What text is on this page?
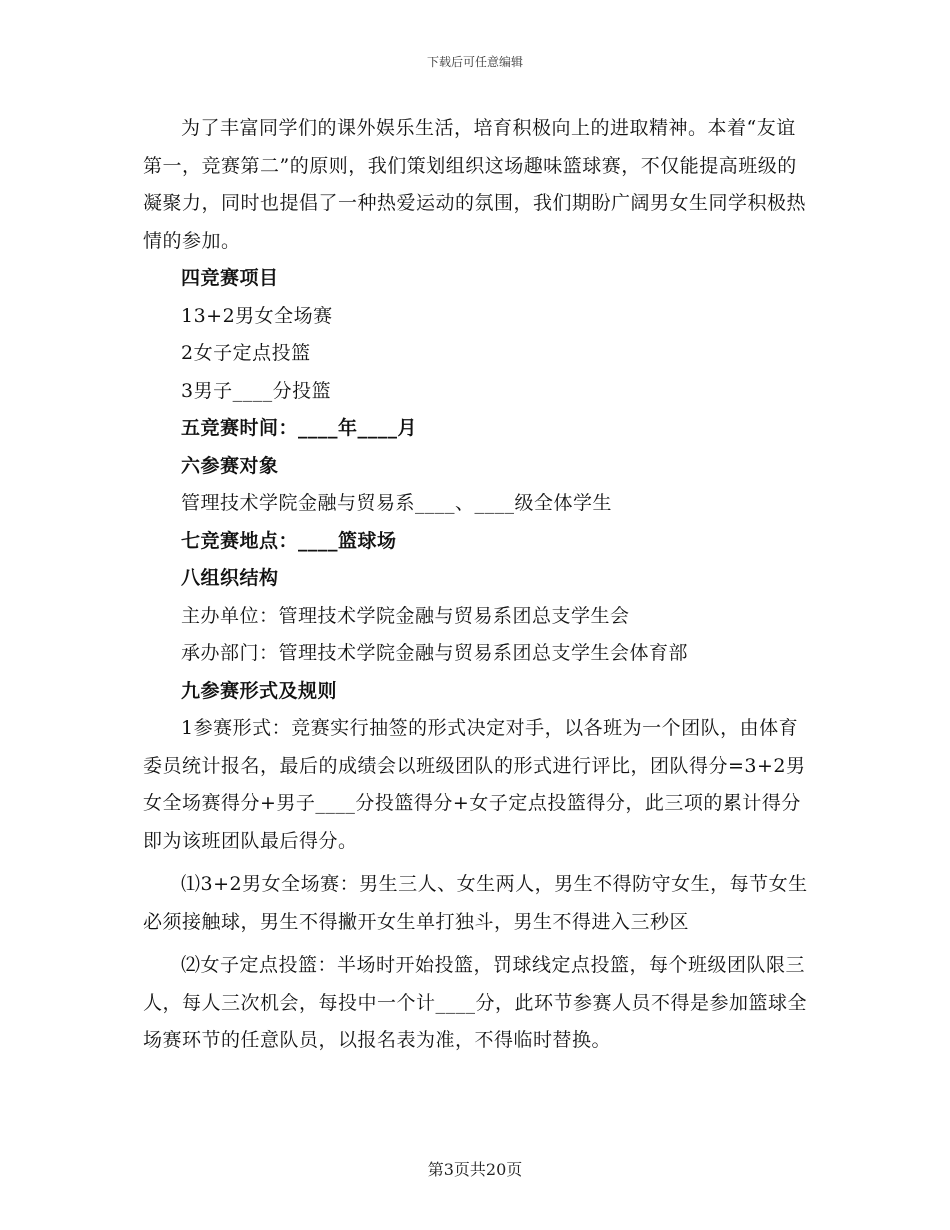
下载后可任意编辑

为了丰富同学们的课外娱乐生活，培育积极向上的进取精神。本着“友谊第一，竞赛第二”的原则，我们策划组织这场趣味篮球赛，不仅能提高班级的凝聚力，同时也提倡了一种热爱运动的氛围，我们期盼广阔男女生同学积极热情的参加。

四竞赛项目

13+2男女全场赛

2女子定点投篮

3男子____分投篮

五竞赛时间：____年____月

六参赛对象

管理技术学院金融与贸易系____、____级全体学生

七竞赛地点：____篮球场

八组织结构

主办单位：管理技术学院金融与贸易系团总支学生会

承办部门：管理技术学院金融与贸易系团总支学生会体育部

九参赛形式及规则

1参赛形式：竞赛实行抽签的形式决定对手，以各班为一个团队，由体育委员统计报名，最后的成绩会以班级团队的形式进行评比，团队得分=3+2男女全场赛得分+男子____分投篮得分+女子定点投篮得分，此三项的累计得分即为该班团队最后得分。

⑴3+2男女全场赛：男生三人、女生两人，男生不得防守女生，每节女生必须接触球，男生不得撇开女生单打独斗，男生不得进入三秒区

⑵女子定点投篮：半场时开始投篮，罚球线定点投篮，每个班级团队限三人，每人三次机会，每投中一个计____分，此环节参赛人员不得是参加篮球全场赛环节的任意队员，以报名表为准，不得临时替换。

第3页共20页
